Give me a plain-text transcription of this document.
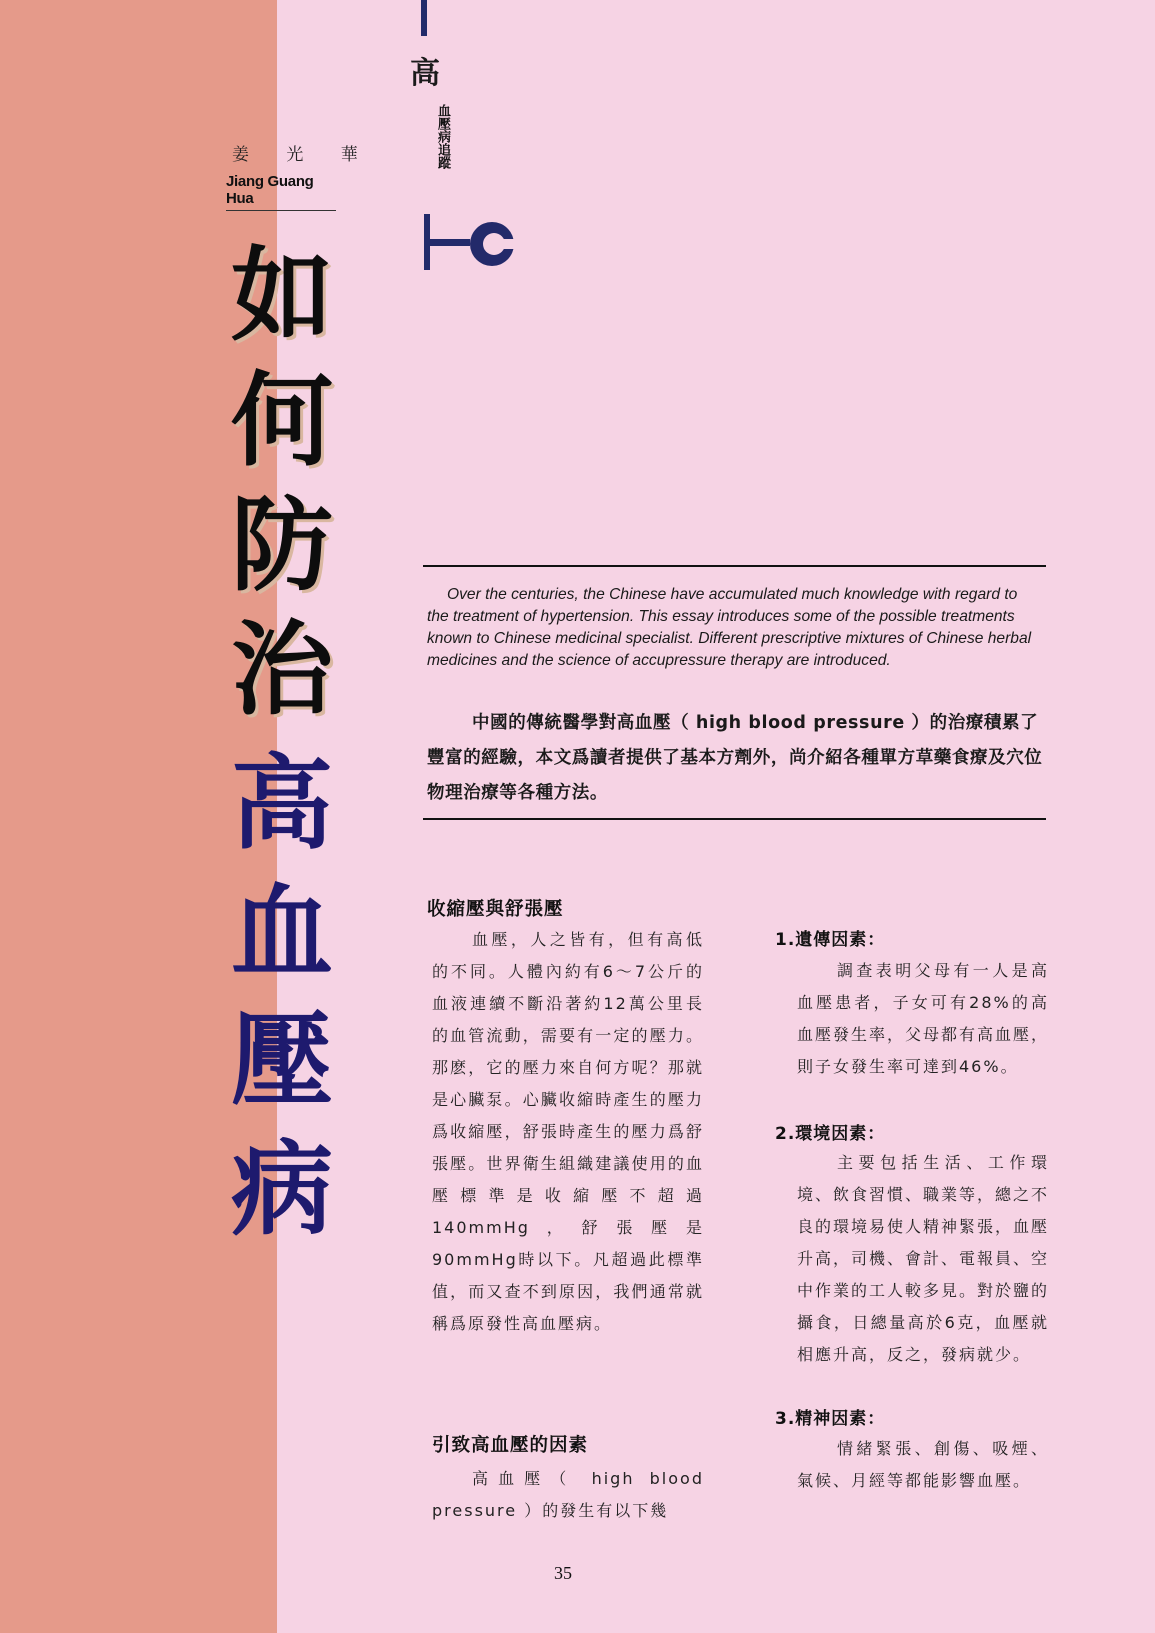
姜 光 華
Jiang Guang Hua
如
何
防
治
高
血
壓
病
高
血壓病追蹤

Over the centuries, the Chinese have accumulated much knowledge with regard to the treatment of hypertension. This essay introduces some of the possible treatments known to Chinese medicinal specialist. Different prescriptive mixtures of Chinese herbal medicines and the science of accupressure therapy are introduced.

中國的傳統醫學對高血壓（ high blood pressure ）的治療積累了豐富的經驗，本文爲讀者提供了基本方劑外，尚介紹各種單方草藥食療及穴位物理治療等各種方法。

收縮壓與舒張壓

血壓，人之皆有，但有高低的不同。人體內約有6～7公斤的血液連續不斷沿著約12萬公里長的血管流動，需要有一定的壓力。那麽，它的壓力來自何方呢？那就是心臟泵。心臟收縮時產生的壓力爲收縮壓，舒張時產生的壓力爲舒張壓。世界衛生組織建議使用的血壓標準是收縮壓不超過140mmHg，舒張壓是90mmHg時以下。凡超過此標準值，而又查不到原因，我們通常就稱爲原發性高血壓病。

引致高血壓的因素

高血壓（ high blood pressure ）的發生有以下幾

1.遺傳因素：

調查表明父母有一人是高血壓患者，子女可有28%的高血壓發生率，父母都有高血壓，則子女發生率可達到46%。

2.環境因素：

主要包括生活、工作環境、飲食習慣、職業等，總之不良的環境易使人精神緊張，血壓升高，司機、會計、電報員、空中作業的工人較多見。對於鹽的攝食，日總量高於6克，血壓就相應升高，反之，發病就少。

3.精神因素：

情緒緊張、創傷、吸煙、氣候、月經等都能影響血壓。

35
